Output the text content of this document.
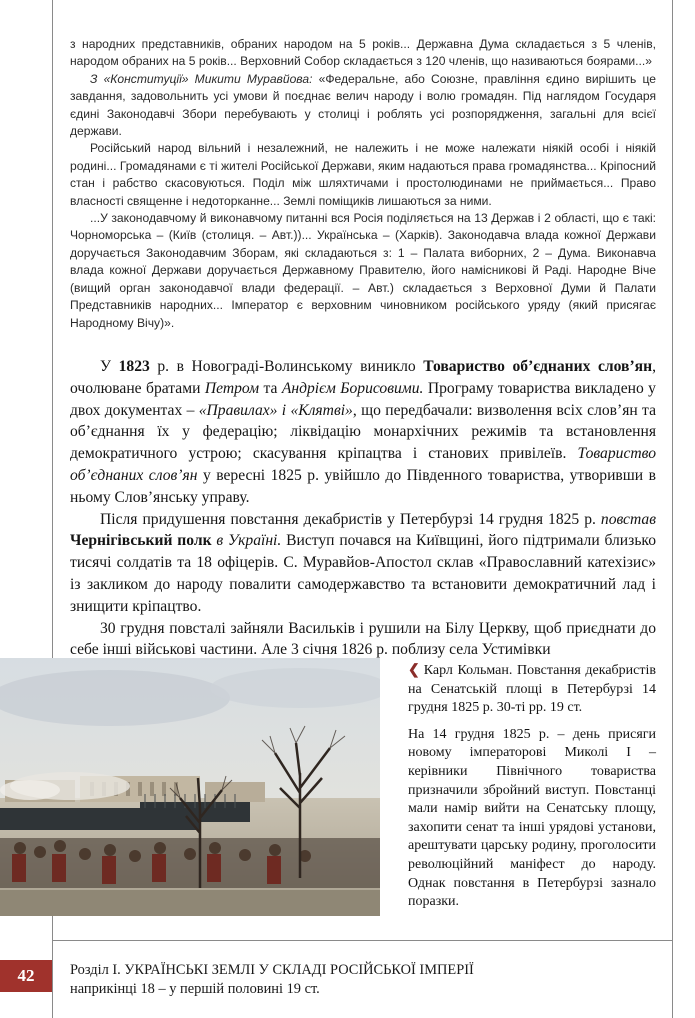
з народних представників, обраних народом на 5 років... Державна Дума складається з 5 членів, народом обраних на 5 років... Верховний Собор складається з 120 членів, що називаються боярами...»

З «Конституції» Микити Муравйова: «Федеральне, або Союзне, правління єдино вирішить це завдання, задовольнить усі умови й поєднає велич народу і волю громадян. Під наглядом Государя єдині Законодавчі Збори перебувають у столиці і роблять усі розпорядження, загальні для всієї держави.

Російський народ вільний і незалежний, не належить і не може належати ніякій особі і ніякій родині... Громадянами є ті жителі Російської Держави, яким надаються права громадянства... Кріпосний стан і рабство скасовуються. Поділ між шляхтичами і простолюдинами не приймається... Право власності священне і недоторканне... Землі поміщиків лишаються за ними.

...У законодавчому й виконавчому питанні вся Росія поділяється на 13 Держав і 2 області, що є такі: Чорноморська – (Київ (столиця. – Авт.))... Українська – (Харків). Законодавча влада кожної Держави доручається Законодавчим Зборам, які складаються з: 1 – Палата виборних, 2 – Дума. Виконавча влада кожної Держави доручається Державному Правителю, його намісникові й Раді. Народне Віче (вищий орган законодавчої влади федерації. – Авт.) складається з Верховної Думи й Палати Представників народних... Імператор є верховним чиновником російського уряду (який присягає Народному Вічу)».

У 1823 р. в Новограді-Волинському виникло Товариство об’єднаних слов’ян, очолюване братами Петром та Андрієм Борисовими. Програму товариства викладено у двох документах – «Правилах» і «Клятві», що передбачали: визволення всіх слов’ян та об’єднання їх у федерацію; ліквідацію монархічних режимів та встановлення демократичного устрою; скасування кріпацтва і станових привілеїв. Товариство об’єднаних слов’ян у вересні 1825 р. увійшло до Південного товариства, утворивши в ньому Слов’янську управу.

Після придушення повстання декабристів у Петербурзі 14 грудня 1825 р. повстав Чернігівський полк в Україні. Виступ почався на Київщині, його підтримали близько тисячі солдатів та 18 офіцерів. С. Муравйов-Апостол склав «Православний катехізис» із закликом до народу повалити самодержавство та встановити демократичний лад і знищити кріпацтво.

30 грудня повсталі зайняли Васильків і рушили на Білу Церкву, щоб приєднати до себе інші військові частини. Але 3 січня 1826 р. поблизу села Устимівки

❮ Карл Кольман. Повстання декабристів на Сенатській площі в Петербурзі 14 грудня 1825 р. 30-ті рр. 19 ст.

На 14 грудня 1825 р. – день присяги новому імператорові Миколі І – керівники Північного товариства призначили збройний виступ. Повстанці мали намір вийти на Сенатську площу, захопити сенат та інші урядові установи, арештувати царську родину, проголосити революційний маніфест до народу. Однак повстання в Петербурзі зазнало поразки.

42	Розділ І. УКРАЇНСЬКІ ЗЕМЛІ У СКЛАДІ РОСІЙСЬКОЇ ІМПЕРІЇ
наприкінці 18 – у першій половині 19 ст.
